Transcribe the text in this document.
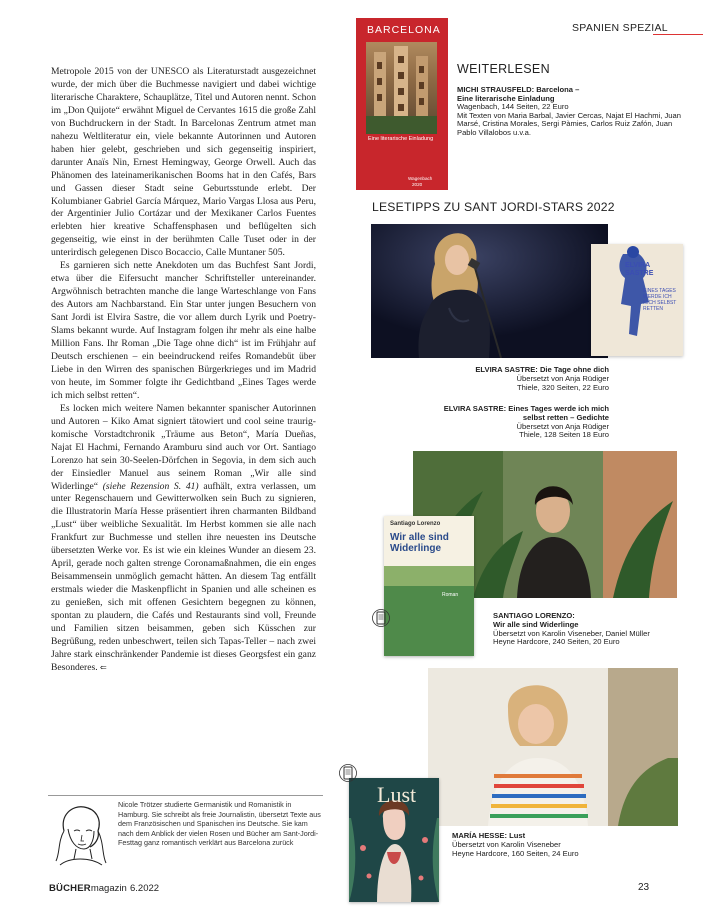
SPANIEN SPEZIAL

Metropole 2015 von der UNESCO als Literaturstadt ausgezeichnet wurde, der mich über die Buchmesse navigiert und dabei wichtige literarische Charaktere, Schauplätze, Titel und Autoren nennt. Schon im „Don Quijote“ erwähnt Miguel de Cervantes 1615 die große Zahl von Buchdruckern in der Stadt. In Barcelonas Zentrum atmet man nahezu Weltliteratur ein, viele bekannte Autorinnen und Autoren haben hier gelebt, geschrieben und sich gegenseitig inspiriert, darunter Anaïs Nin, Ernest Hemingway, George Orwell. Auch das Phänomen des lateinamerikanischen Booms hat in den Cafés, Bars und Gassen dieser Stadt seine Geburtsstunde erlebt. Der Kolumbianer Gabriel García Márquez, Mario Vargas Llosa aus Peru, der Argentinier Julio Cortázar und der Mexikaner Carlos Fuentes erlebten hier kreative Schaffensphasen und beflügelten sich gegenseitig, wie einst in der berühmten Calle Tuset oder in der unterirdisch gelegenen Disco Bocaccio, Calle Muntaner 505.

Es garnieren sich nette Anekdoten um das Buchfest Sant Jordi, etwa über die Eifersucht mancher Schriftsteller untereinander. Argwöhnisch betrachten manche die lange Warteschlange von Fans des Autors am Nachbarstand. Ein Star unter jungen Besuchern von Sant Jordi ist Elvira Sastre, die vor allem durch Lyrik und Poetry-Slams bekannt wurde. Auf Instagram folgen ihr mehr als eine halbe Million Fans. Ihr Roman „Die Tage ohne dich“ ist im Frühjahr auf Deutsch erschienen – ein beeindruckend reifes Romandebüt über Liebe in den Wirren des spanischen Bürgerkrieges und im Madrid von heute, im Sommer folgte ihr Gedichtband „Eines Tages werde ich mich selbst retten“.

Es locken mich weitere Namen bekannter spanischer Autorinnen und Autoren – Kiko Amat signiert tätowiert und cool seine traurig-komische Vorstadtchronik „Träume aus Beton“, María Dueñas, Najat El Hachmi, Fernando Aramburu sind auch vor Ort. Santiago Lorenzo hat sein 30-Seelen-Dörfchen in Segovia, in dem sich auch der Einsiedler Manuel aus seinem Roman „Wir alle sind Widerlinge“ (siehe Rezension S. 41) aufhält, extra verlassen, um unter Regenschauern und Gewitterwolken sein Buch zu signieren, die Illustratorin María Hesse präsentiert ihren charmanten Bildband „Lust“ über weibliche Sexualität. Im Herbst kommen sie alle nach Frankfurt zur Buchmesse und stellen ihre neuesten ins Deutsche übersetzten Werke vor. Es ist wie ein kleines Wunder an diesem 23. April, gerade noch galten strenge Coronamaßnahmen, die ein enges Beisammensein unmöglich gemacht hätten. An diesem Tag entfällt erstmals wieder die Maskenpflicht in Spanien und alle scheinen es zu genießen, sich mit offenen Gesichtern begegnen zu können, spontan zu plaudern, die Cafés und Restaurants sind voll, Freunde und Familien sitzen beisammen, geben sich Küsschen zur Begrüßung, reden unbeschwert, teilen sich Tapas-Teller – nach zwei Jahre stark einschränkender Pandemie ist dieses Georgsfest ein ganz Besonderes. ⇐

Nicole Trötzer studierte Germanistik und Romanistik in Hamburg. Sie schreibt als freie Journalistin, übersetzt Texte aus dem Französischen und Spanischen ins Deutsche. Sie kam nach dem Anblick der vielen Rosen und Bücher am Sant-Jordi-Festtag ganz romantisch verklärt aus Barcelona zurück
BÜCHERmagazin 6.2022	23
BARCELONA
Eine literarische Einladung
Wagenbach
2020
WEITERLESEN
MICHI STRAUSFELD: Barcelona –
Eine literarische Einladung
Wagenbach, 144 Seiten, 22 Euro
Mit Texten von Maria Barbal, Javier Cercas, Najat El Hachmi, Juan Marsé, Cristina Morales, Sergi Pàmies, Carlos Ruiz Zafón, Juan Pablo Villalobos u.v.a.
LESETIPPS ZU SANT JORDI-STARS 2022
ELVIRA SASTRE
EINES TAGES WERDE ICH MICH SELBST RETTEN
ELVIRA SASTRE: Die Tage ohne dich
Übersetzt von Anja Rüdiger
Thiele, 320 Seiten, 22 Euro
ELVIRA SASTRE: Eines Tages werde ich mich
selbst retten – Gedichte
Übersetzt von Anja Rüdiger
Thiele, 128 Seiten 18 Euro
Santiago Lorenzo
Wir alle sind Widerlinge
Roman
SANTIAGO LORENZO:
Wir alle sind Widerlinge
Übersetzt von Karolin Viseneber, Daniel Müller
Heyne Hardcore, 240 Seiten, 20 Euro
Lust
MARÍA HESSE: Lust
Übersetzt von Karolin Viseneber
Heyne Hardcore, 160 Seiten, 24 Euro
